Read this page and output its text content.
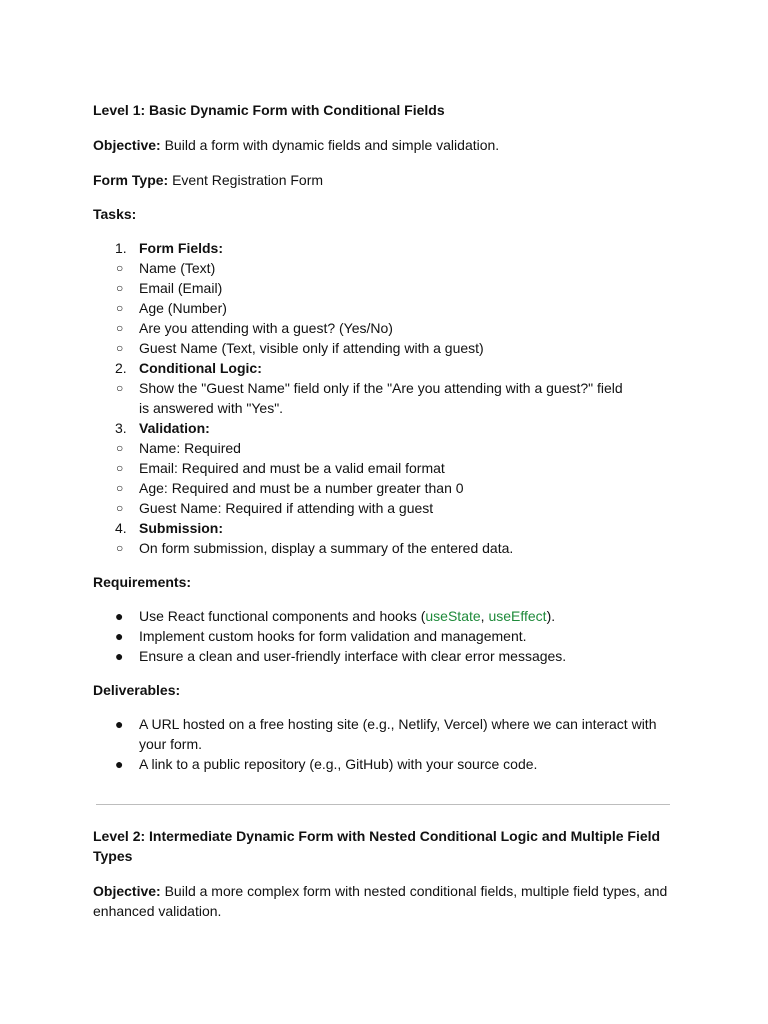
Level 1: Basic Dynamic Form with Conditional Fields

Objective: Build a form with dynamic fields and simple validation.

Form Type: Event Registration Form

Tasks:

1. Form Fields:
○ Name (Text)
○ Email (Email)
○ Age (Number)
○ Are you attending with a guest? (Yes/No)
○ Guest Name (Text, visible only if attending with a guest)
2. Conditional Logic:
○ Show the "Guest Name" field only if the "Are you attending with a guest?" field is answered with "Yes".
3. Validation:
○ Name: Required
○ Email: Required and must be a valid email format
○ Age: Required and must be a number greater than 0
○ Guest Name: Required if attending with a guest
4. Submission:
○ On form submission, display a summary of the entered data.

Requirements:

● Use React functional components and hooks (useState, useEffect).
● Implement custom hooks for form validation and management.
● Ensure a clean and user-friendly interface with clear error messages.

Deliverables:

● A URL hosted on a free hosting site (e.g., Netlify, Vercel) where we can interact with your form.
● A link to a public repository (e.g., GitHub) with your source code.

Level 2: Intermediate Dynamic Form with Nested Conditional Logic and Multiple Field Types

Objective: Build a more complex form with nested conditional fields, multiple field types, and enhanced validation.
